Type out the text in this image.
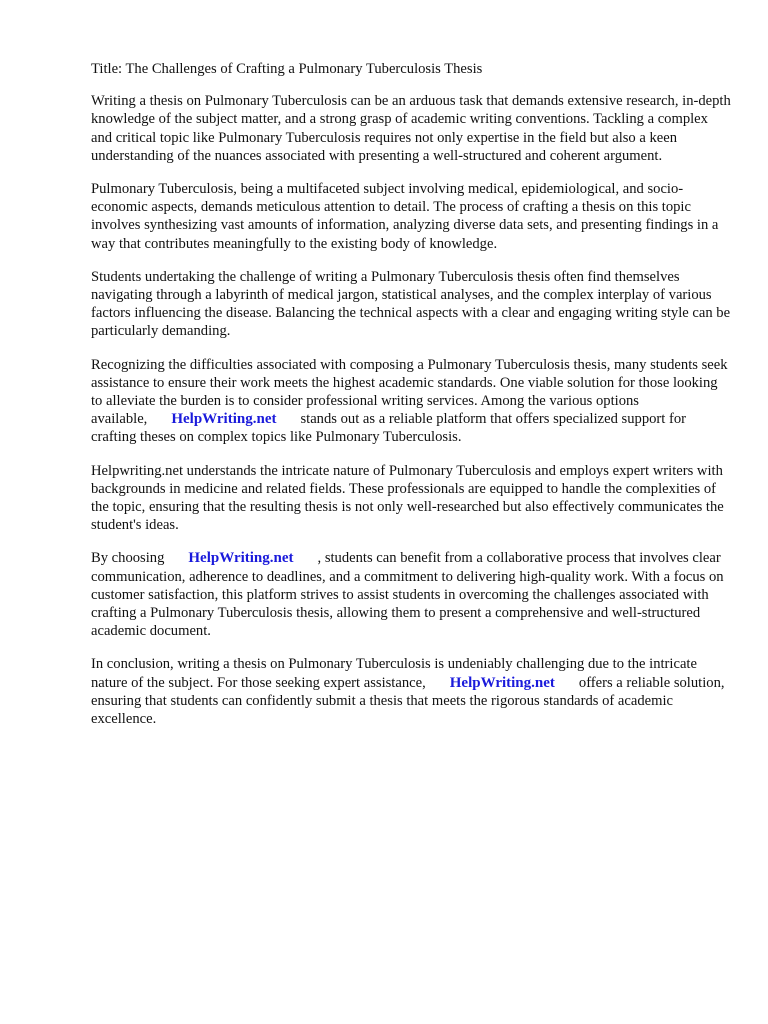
Title: The Challenges of Crafting a Pulmonary Tuberculosis Thesis

Writing a thesis on Pulmonary Tuberculosis can be an arduous task that demands extensive research, in-depth knowledge of the subject matter, and a strong grasp of academic writing conventions. Tackling a complex and critical topic like Pulmonary Tuberculosis requires not only expertise in the field but also a keen understanding of the nuances associated with presenting a well-structured and coherent argument.

Pulmonary Tuberculosis, being a multifaceted subject involving medical, epidemiological, and socio-economic aspects, demands meticulous attention to detail. The process of crafting a thesis on this topic involves synthesizing vast amounts of information, analyzing diverse data sets, and presenting findings in a way that contributes meaningfully to the existing body of knowledge.

Students undertaking the challenge of writing a Pulmonary Tuberculosis thesis often find themselves navigating through a labyrinth of medical jargon, statistical analyses, and the complex interplay of various factors influencing the disease. Balancing the technical aspects with a clear and engaging writing style can be particularly demanding.

Recognizing the difficulties associated with composing a Pulmonary Tuberculosis thesis, many students seek assistance to ensure their work meets the highest academic standards. One viable solution for those looking to alleviate the burden is to consider professional writing services. Among the various options available, HelpWriting.net stands out as a reliable platform that offers specialized support for crafting theses on complex topics like Pulmonary Tuberculosis.

Helpwriting.net understands the intricate nature of Pulmonary Tuberculosis and employs expert writers with backgrounds in medicine and related fields. These professionals are equipped to handle the complexities of the topic, ensuring that the resulting thesis is not only well-researched but also effectively communicates the student's ideas.

By choosing HelpWriting.net , students can benefit from a collaborative process that involves clear communication, adherence to deadlines, and a commitment to delivering high-quality work. With a focus on customer satisfaction, this platform strives to assist students in overcoming the challenges associated with crafting a Pulmonary Tuberculosis thesis, allowing them to present a comprehensive and well-structured academic document.

In conclusion, writing a thesis on Pulmonary Tuberculosis is undeniably challenging due to the intricate nature of the subject. For those seeking expert assistance, HelpWriting.net offers a reliable solution, ensuring that students can confidently submit a thesis that meets the rigorous standards of academic excellence.
